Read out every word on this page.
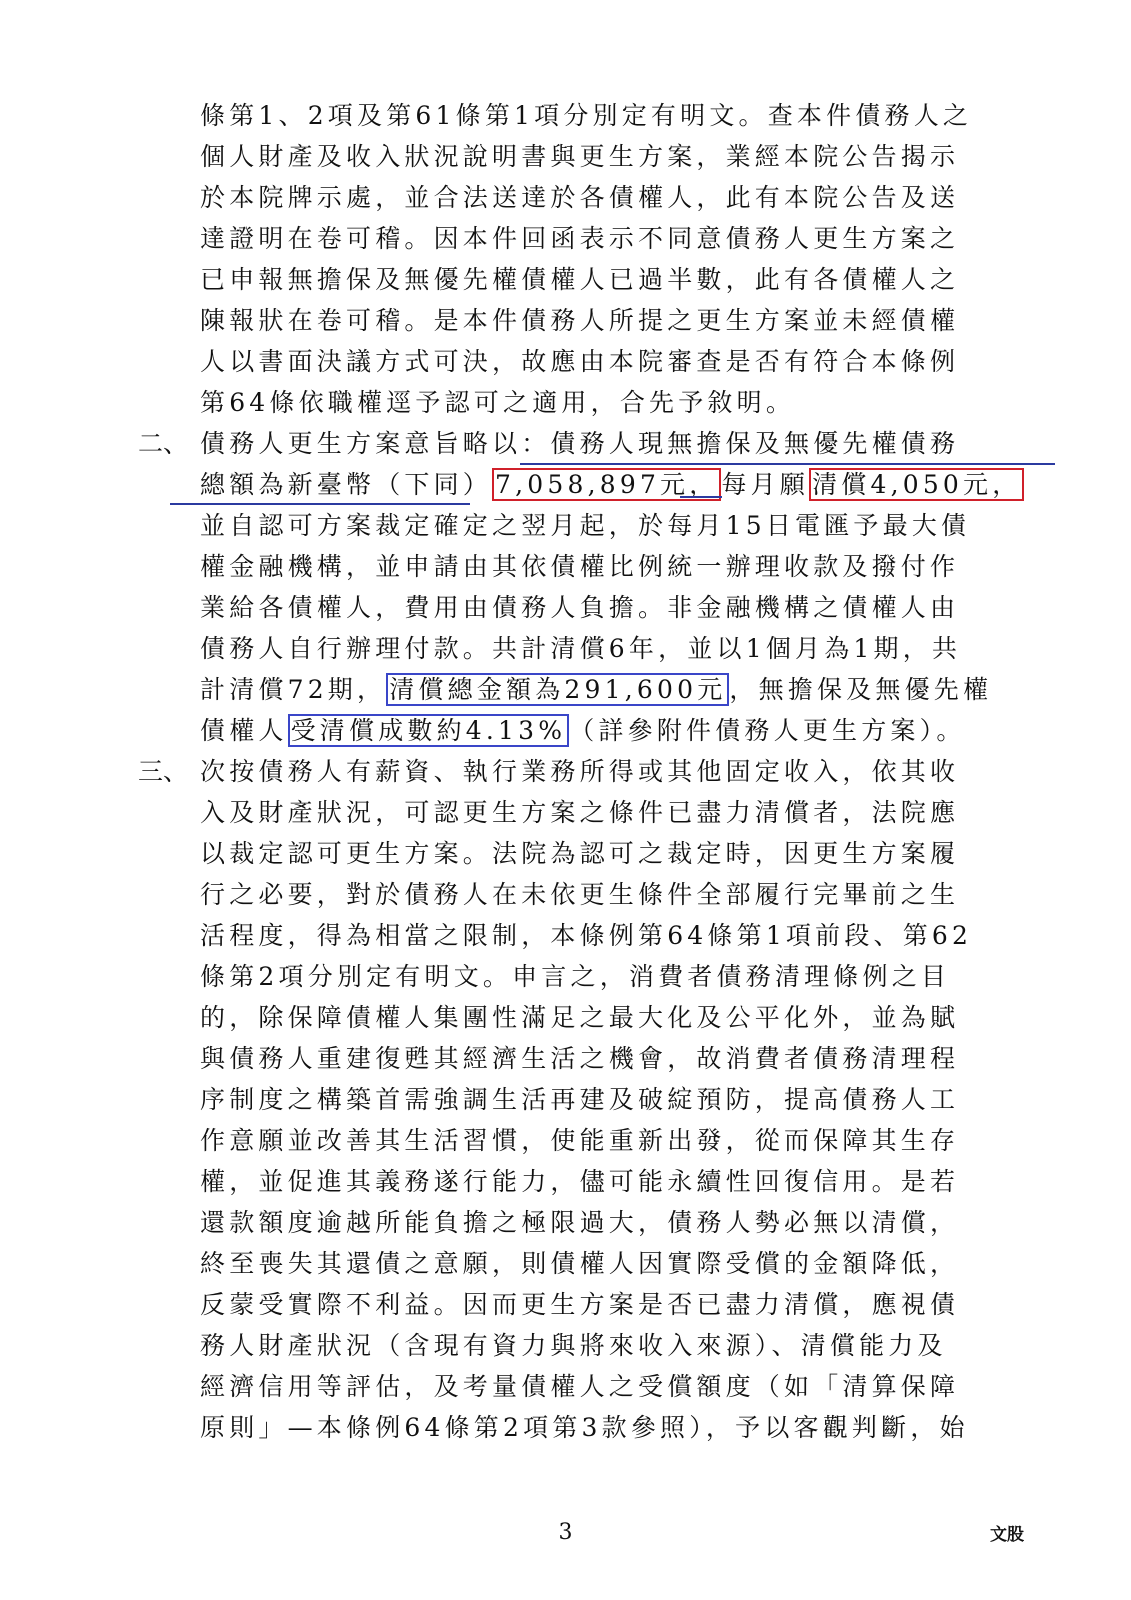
條第1、2項及第61條第1項分別定有明文。查本件債務人之
個人財產及收入狀況說明書與更生方案，業經本院公告揭示
於本院牌示處，並合法送達於各債權人，此有本院公告及送
達證明在卷可稽。因本件回函表示不同意債務人更生方案之
已申報無擔保及無優先權債權人已過半數，此有各債權人之
陳報狀在卷可稽。是本件債務人所提之更生方案並未經債權
人以書面決議方式可決，故應由本院審查是否有符合本條例
第64條依職權逕予認可之適用，合先予敘明。
二、 債務人更生方案意旨略以：債務人現無擔保及無優先權債務
總額為新臺幣（下同） 7,058,897元， 每月願 清償4,050元，
並自認可方案裁定確定之翌月起，於每月15日電匯予最大債
權金融機構，並申請由其依債權比例統一辦理收款及撥付作
業給各債權人，費用由債務人負擔。非金融機構之債權人由
債務人自行辦理付款。共計清償6年，並以1個月為1期，共
計清償72期， 清償總金額為291,600元 ，無擔保及無優先權
債權人 受清償成數約4.13% （詳參附件債務人更生方案）。
三、 次按債務人有薪資、執行業務所得或其他固定收入，依其收
入及財產狀況，可認更生方案之條件已盡力清償者，法院應
以裁定認可更生方案。法院為認可之裁定時，因更生方案履
行之必要，對於債務人在未依更生條件全部履行完畢前之生
活程度，得為相當之限制，本條例第64條第1項前段、第62
條第2項分別定有明文。申言之，消費者債務清理條例之目
的，除保障債權人集團性滿足之最大化及公平化外，並為賦
與債務人重建復甦其經濟生活之機會，故消費者債務清理程
序制度之構築首需強調生活再建及破綻預防，提高債務人工
作意願並改善其生活習慣，使能重新出發，從而保障其生存
權，並促進其義務遂行能力，儘可能永續性回復信用。是若
還款額度逾越所能負擔之極限過大，債務人勢必無以清償，
終至喪失其還債之意願，則債權人因實際受償的金額降低，
反蒙受實際不利益。因而更生方案是否已盡力清償，應視債
務人財產狀況（含現有資力與將來收入來源）、清償能力及
經濟信用等評估，及考量債權人之受償額度（如「清算保障
原則」—本條例64條第2項第3款參照），予以客觀判斷，始
3	文股
